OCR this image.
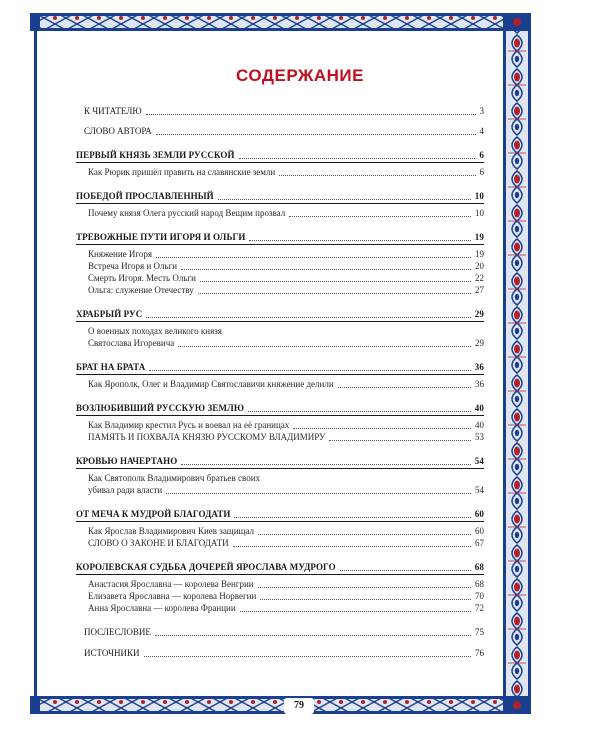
СОДЕРЖАНИЕ
К ЧИТАТЕЛЮ	3
СЛОВО АВТОРА	4
ПЕРВЫЙ КНЯЗЬ ЗЕМЛИ РУССКОЙ	6
Как Рюрик пришёл править на славянские земли	6
ПОБЕДОЙ ПРОСЛАВЛЕННЫЙ	10
Почему князя Олега русский народ Вещим прозвал	10
ТРЕВОЖНЫЕ ПУТИ ИГОРЯ И ОЛЬГИ	19
Княжение Игоря	19
Встреча Игоря и Ольги	20
Смерть Игоря. Месть Ольги	22
Ольга: служение Отечеству	27
ХРАБРЫЙ РУС	29
О военных походах великого князя
Святослава Игоревича	29
БРАТ НА БРАТА	36
Как Ярополк, Олег и Владимир Святославичи княжение делили	36
ВОЗЛЮБИВШИЙ РУССКУЮ ЗЕМЛЮ	40
Как Владимир крестил Русь и воевал на её границах	40
ПАМЯТЬ И ПОХВАЛА КНЯЗЮ РУССКОМУ ВЛАДИМИРУ	53
КРОВЬЮ НАЧЕРТАНО	54
Как Святополк Владимирович братьев своих
убивал ради власти	54
ОТ МЕЧА К МУДРОЙ БЛАГОДАТИ	60
Как Ярослав Владимирович Киев защищал	60
СЛОВО О ЗАКОНЕ И БЛАГОДАТИ	67
КОРОЛЕВСКАЯ СУДЬБА ДОЧЕРЕЙ ЯРОСЛАВА МУДРОГО	68
Анастасия Ярославна — королева Венгрии	68
Елизавета Ярославна — королева Норвегии	70
Анна Ярославна — королева Франции	72
ПОСЛЕСЛОВИЕ	75
ИСТОЧНИКИ	76
79
